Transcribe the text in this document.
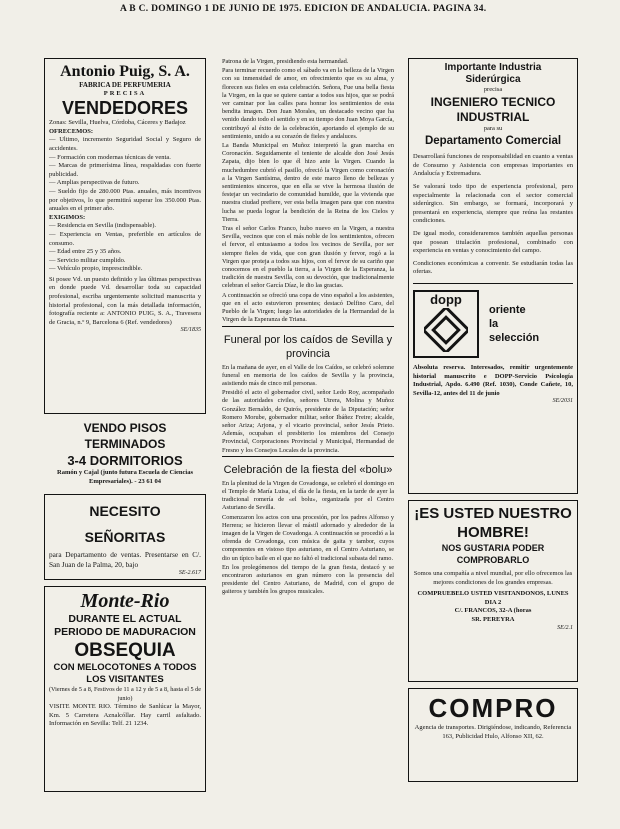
A B C. DOMINGO 1 DE JUNIO DE 1975. EDICION DE ANDALUCIA. PAGINA 34.
Antonio Puig, S. A.
FABRICA DE PERFUMERIA
PRECISA
VENDEDORES
Zonas: Sevilla, Huelva, Córdoba, Cáceres y Badajoz
OFRECEMOS:
— Ultimo, incremento Seguridad Social y Seguro de accidentes.
— Formación con modernas técnicas de venta.
— Marcas de primerísima línea, respaldadas con fuerte publicidad.
— Amplias perspectivas de futuro.
— Sueldo fijo de 280.000 Ptas. anuales, más incentivos por objetivos, lo que permitirá superar los 350.000 Ptas. anuales en el primer año.
EXIGIMOS:
— Residencia en Sevilla (indispensable).
— Experiencia en Ventas, preferible en artículos de consumo.
— Edad entre 25 y 35 años.
— Servicio militar cumplido.
— Vehículo propio, imprescindible.
Si posee Vd. un puesto definido y las últimas perspectivas en donde puede Vd. desarrollar toda su capacidad profesional, escriba urgentemente solicitud manuscrita y historial profesional, con la más detallada información, fotografía reciente a: ANTONIO PUIG, S. A., Travesera de Gracia, n.º 9, Barcelona 6 (Ref. vendedores)
SE/1835
VENDO PISOS TERMINADOS
3-4 DORMITORIOS
Ramón y Cajal (junto futura Escuela de Ciencias Empresariales). - 23 61 04
NECESITO SEÑORITAS
para Departamento de ventas. Presentarse en C/. San Juan de la Palma, 20, bajo
SE-2.617
Monte-Rio
DURANTE EL ACTUAL PERIODO DE MADURACION
OBSEQUIA
CON MELOCOTONES A TODOS LOS VISITANTES
(Viernes de 5 a 8, Festivos de 11 a 12 y de 5 a 8, hasta el 5 de junio)
VISITE MONTE RIO. Término de Sanlúcar la Mayor, Km. 5 Carretera Aznalcóllar. Hay carril asfaltado. Información en Sevilla: Telf. 21 1234.

Patrona de la Virgen, presidiendo esta hermandad.

Para terminar recuerdo como el sábado va en la belleza de la Virgen con su inmensidad de amor, en ofrecimiento que es su alma, y florecen sus fieles en esta celebración. Señora, Fue una bella fiesta la Virgen, en la que se quiere cantar a todos sus hijos, que se podrá ver caminar por las calles para honrar los sentimientos de esta bendita imagen. Don Juan Morales, un destacado vecino que ha venido dando todo el sentido y en su tiempo don Juan Moya García, contribuyó al éxito de la celebración, aportando el ejemplo de su sentimiento, unido a su corazón de fieles y andaluces.

La Banda Municipal en Muñoz interpretó la gran marcha en Coronación. Seguidamente el teniente de alcalde don José Jesús Zapata, dijo bien lo que él hizo ante la Virgen. Cuando la muchedumbre cubrió el pasillo, ofreció la Virgen como coronación a la Virgen Santísima, dentro de este marco lleno de bellezas y sentimientos sinceros, que en ella se vive la hermosa ilusión de festejar un vecindario de comunidad humilde, que la vivienda que nuestra ciudad prefiere, ver esta bella imagen para que con nuestra lucha se pueda lograr la bendición de la Reina de los Cielos y Tierra.

Tras el señor Carlos Franco, hubo nuevo en la Virgen, a nuestra Sevilla, vecinos que con el más noble de los sentimientos, ofrecen el fervor, el entusiasmo a todos los vecinos de Sevilla, por ser siempre fieles de vida, que con gran ilusión y fervor, rogó a la Virgen que proteja a todos sus hijos, con el fervor de su cariño que conocemos en el pueblo la tierra, a la Virgen de la Esperanza, la tradición de nuestra Sevilla, con su devoción, que tradicionalmente celebran el señor García Díaz, le dio las gracias.

A continuación se ofreció una copa de vino español a los asistentes, que en el acto estuvieron presentes; destacó Delfino Caro, del Pueblo de la Virgen; luego las autoridades de la Hermandad de la Virgen de la Esperanza de Triana.

Funeral por los caídos de Sevilla y provincia

En la mañana de ayer, en el Valle de los Caídos, se celebró solemne funeral en memoria de los caídos de Sevilla y la provincia, asistiendo más de cinco mil personas.

Presidió el acto el gobernador civil, señor Ledo Roy, acompañado de las autoridades civiles, señores Utrera, Molina y Muñoz González Bernaldo, de Quirós, presidente de la Diputación; señor Romero Morube, gobernador militar, señor Ibáñez Freire; alcalde, señor Ariza; Arjona, y el vicario provincial, señor Jesús Prieto. Además, ocupaban el presbiterio los miembros del Consejo Provincial, Corporaciones Provincial y Municipal, Hermandad de Fresno y los Consejos Locales de la provincia.

Celebración de la fiesta del «bolu»

En la plenitud de la Virgen de Covadonga, se celebró el domingo en el Templo de María Luisa, el día de la fiesta, en la tarde de ayer la tradicional romería de «el bolu», organizada por el Centro Asturiano de Sevilla.

Comenzaron los actos con una procesión, por los padres Alfonso y Herrera; se hicieron llevar el mástil adornado y alrededor de la imagen de la Virgen de Covadonga. A continuación se procedió a la ofrenda de Covadonga, con música de gaita y tambor, cuyos componentes en vistoso tipo asturiano, en el Centro Asturiano, se dio un típico baile en el que no faltó el tradicional subasta del ramo.

En los prolegómenos del tiempo de la gran fiesta, destacó y se encontraron asturianos en gran número con la presencia del presidente del Centro Asturiano, de Madrid, con el grupo de gaiteros y también los grupos musicales.

Importante Industria
Siderúrgica
precisa
INGENIERO TECNICO
INDUSTRIAL
para su
Departamento Comercial
Desarrollará funciones de responsabilidad en cuanto a ventas de Consumo y Asistencia con empresas importantes en Andalucía y Extremadura.
Se valorará todo tipo de experiencia profesional, pero especialmente la relacionada con el sector comercial siderúrgico. Sin embargo, se formará, incorporará y presentará en experiencia, siempre que reúna las restantes condiciones.
De igual modo, consideraremos también aquellas personas que posean titulación profesional, combinado con experiencia en ventas y conocimiento del campo.
Condiciones económicas a convenir. Se estudiarán todas las ofertas.
dopp
oriente
la
selección
Absoluta reserva. Interesados, remitir urgentemente historial manuscrito e DOPP-Servicio Psicología Industrial, Apdo. 6.490 (Ref. 1030), Conde Cañete, 10, Sevilla-12, antes del 11 de junio
SE/2031
¡ES USTED NUESTRO
HOMBRE!
NOS GUSTARIA PODER
COMPROBARLO
Somos una compañía a nivel mundial, por ello ofrecemos las mejores condiciones de los grandes empresas.
COMPRUEBELO USTED VISITANDONOS, LUNES DIA 2
C/. FRANCOS, 32-A (horas
SR. PEREYRA
SE/2.1
COMPRO
Agencia de transportes. Dirigiéndose, indicando, Referencia 163, Publicidad Hulo, Alfonso XII, 62.
